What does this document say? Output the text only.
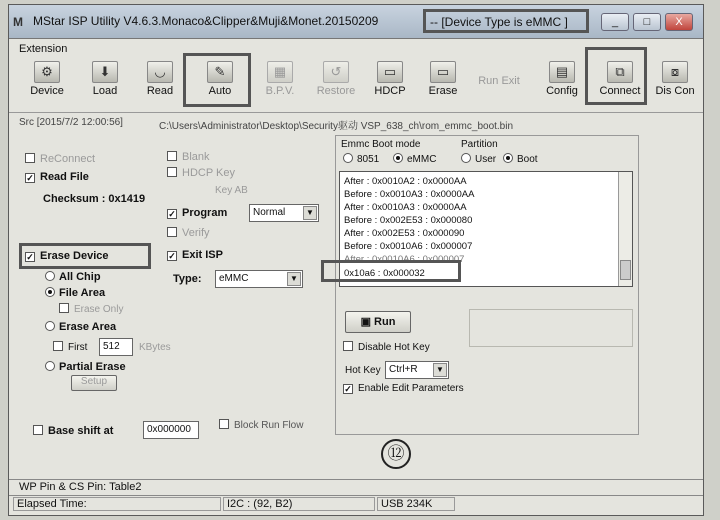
M MStar ISP Utility V4.6.3.Monaco&Clipper&Muji&Monet.20150209	-- [Device Type is eMMC ]	_	□	X
Extension
⚙
Device
⬇
Load
◡
Read
✎
Auto
▦
B.P.V.
↺
Restore
▭
HDCP
▭
Erase
Run Exit
▤
Config
⧉
Connect
⧇
Dis Con
Src [2015/7/2 12:00:56]	C:\Users\Administrator\Desktop\Security驱动 VSP_638_ch\rom_emmc_boot.bin
ReConnect
✓ Read File
Checksum : 0x1419
✓ Erase Device
All Chip
File Area
Erase Only
Erase Area
First	512	KBytes
Partial Erase
Setup
Base shift at	0x000000	Block Run Flow
Blank
HDCP Key
Key AB
✓ Program	Normal	▼
Verify
✓ Exit ISP
Type:	eMMC	▼
Emmc Boot mode
8051	eMMC
Partition
User	Boot
After : 0x0010A2 : 0x0000AA
Before : 0x0010A3 : 0x0000AA
After : 0x0010A3 : 0x0000AA
Before : 0x002E53 : 0x000080
After : 0x002E53 : 0x000090
Before : 0x0010A6 : 0x000007
After : 0x0010A6 : 0x000007
0x10a6 : 0x000032
▣ Run
Disable Hot Key
Hot Key Ctrl+R	▼
✓ Enable Edit Parameters
⑫
WP Pin & CS Pin: Table2
Elapsed Time:	I2C : (92, B2)	USB 234K
